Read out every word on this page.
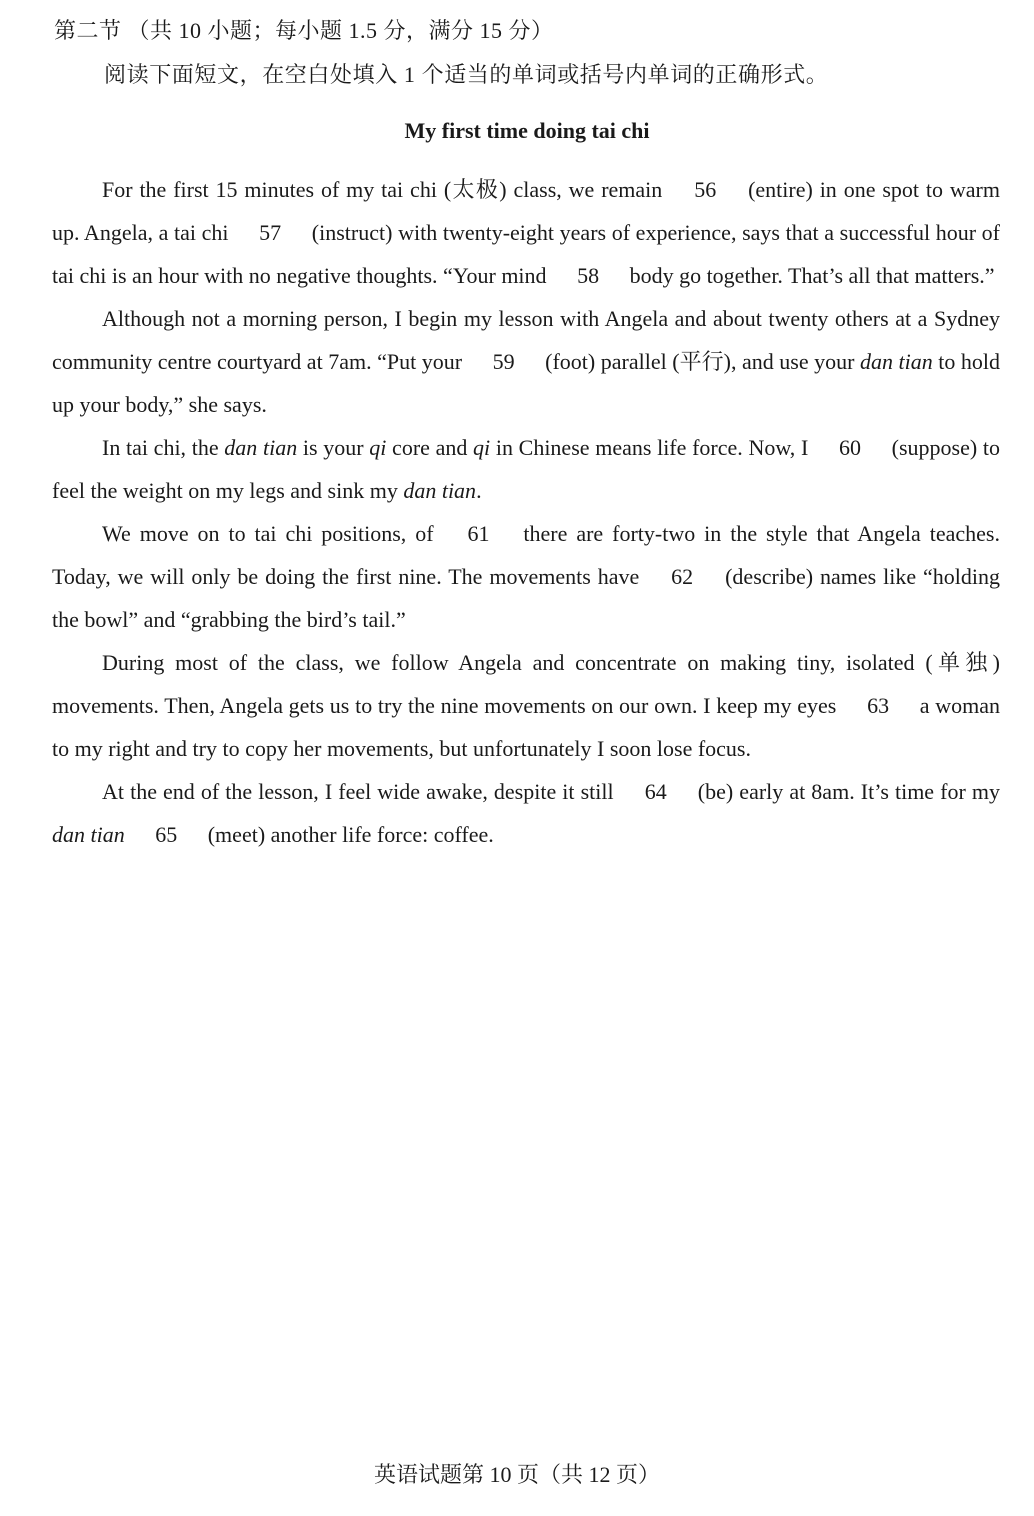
第二节 （共 10 小题；每小题 1.5 分，满分 15 分）
阅读下面短文，在空白处填入 1 个适当的单词或括号内单词的正确形式。
My first time doing tai chi

For the first 15 minutes of my tai chi (太极) class, we remain 56 (entire) in one spot to warm up. Angela, a tai chi 57 (instruct) with twenty-eight years of experience, says that a successful hour of tai chi is an hour with no negative thoughts. “Your mind 58 body go together. That’s all that matters.”

Although not a morning person, I begin my lesson with Angela and about twenty others at a Sydney community centre courtyard at 7am. “Put your 59 (foot) parallel (平行), and use your dan tian to hold up your body,” she says.

In tai chi, the dan tian is your qi core and qi in Chinese means life force. Now, I 60 (suppose) to feel the weight on my legs and sink my dan tian.

We move on to tai chi positions, of 61 there are forty-two in the style that Angela teaches. Today, we will only be doing the first nine. The movements have 62 (describe) names like “holding the bowl” and “grabbing the bird’s tail.”

During most of the class, we follow Angela and concentrate on making tiny, isolated (单独) movements. Then, Angela gets us to try the nine movements on our own. I keep my eyes 63 a woman to my right and try to copy her movements, but unfortunately I soon lose focus.

At the end of the lesson, I feel wide awake, despite it still 64 (be) early at 8am. It’s time for my dan tian 65 (meet) another life force: coffee.

英语试题第 10 页（共 12 页）
